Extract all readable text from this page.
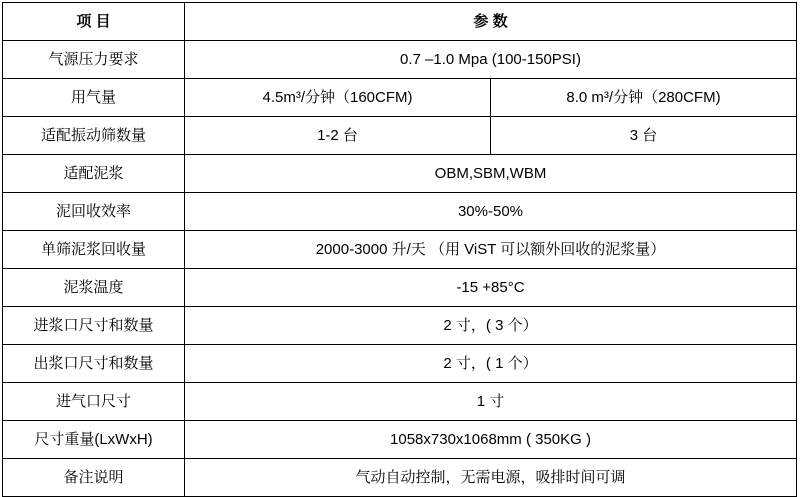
项 目	参 数	
气源压力要求	0.7 –1.0 Mpa (100-150PSI)	
用气量	4.5m³/分钟（160CFM)	8.0 m³/分钟（280CFM)
适配振动筛数量	1-2 台	3 台
适配泥浆	OBM,SBM,WBM	
泥回收效率	30%-50%	
单筛泥浆回收量	2000-3000 升/天 （用 ViST 可以额外回收的泥浆量）	
泥浆温度	-15 +85°C	
进浆口尺寸和数量	2 寸，( 3 个）	
出浆口尺寸和数量	2 寸，( 1 个）	
进气口尺寸	1 寸	
尺寸重量(LxWxH)	1058x730x1068mm ( 350KG )	
备注说明	气动自动控制，无需电源，吸排时间可调	
